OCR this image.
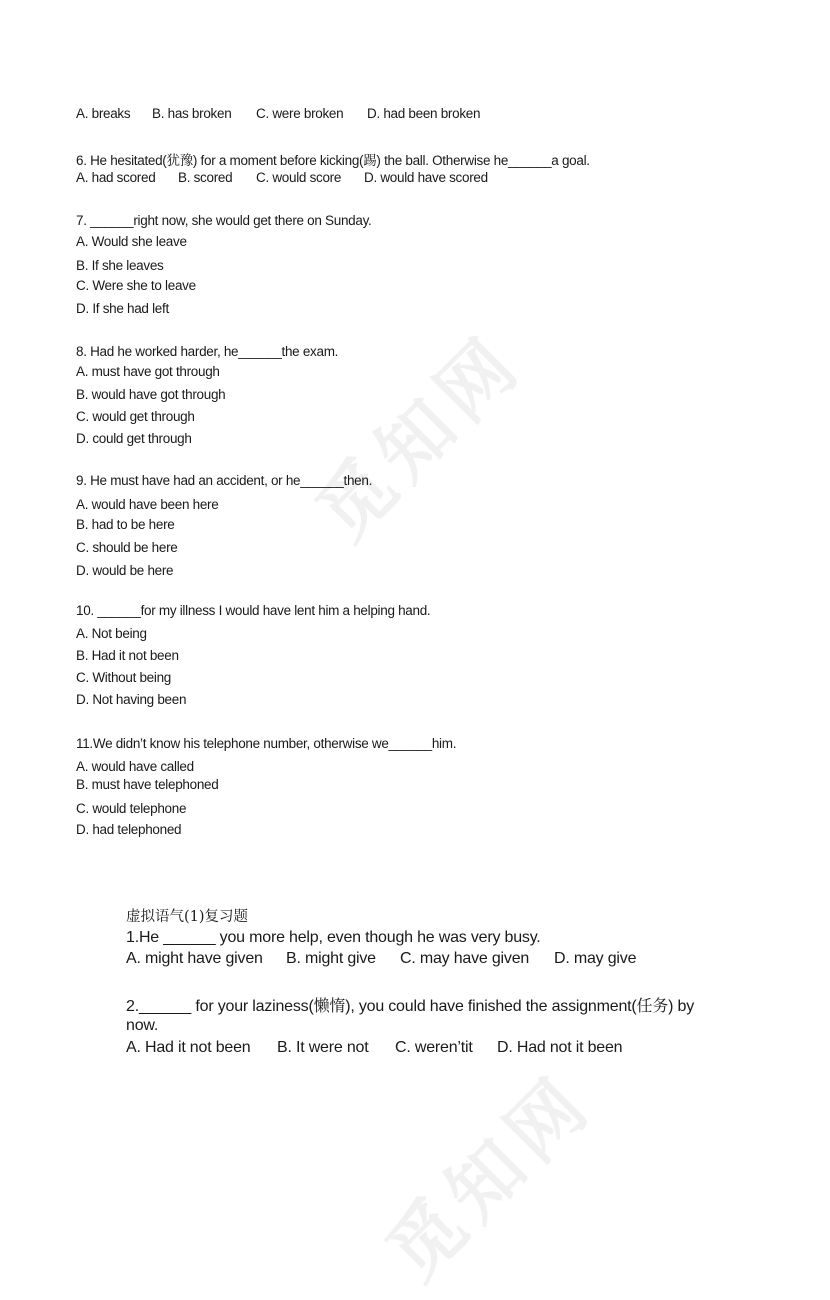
觅知网
觅知网
A. breaks B. has broken C. were broken D. had been broken
6. He hesitated(犹豫) for a moment before kicking(踢) the ball. Otherwise he______a goal.
A. had scored B. scored C. would score D. would have scored
7. ______right now, she would get there on Sunday.
A. Would she leave
B. If she leaves
C. Were she to leave
D. If she had left
8. Had he worked harder, he______the exam.
A. must have got through
B. would have got through
C. would get through
D. could get through
9. He must have had an accident, or he______then.
A. would have been here
B. had to be here
C. should be here
D. would be here
10. ______for my illness I would have lent him a helping hand.
A. Not being
B. Had it not been
C. Without being
D. Not having been
11.We didn’t know his telephone number, otherwise we______him.
A. would have called
B. must have telephoned
C. would telephone
D. had telephoned
虚拟语气(1)复习题
1.He ______ you more help, even though he was very busy.
A. might have given B. might give C. may have given D. may give
2.______ for your laziness(懒惰), you could have finished the assignment(任务) by
now.
A. Had it not been B. It were not C. weren’tit D. Had not it been
